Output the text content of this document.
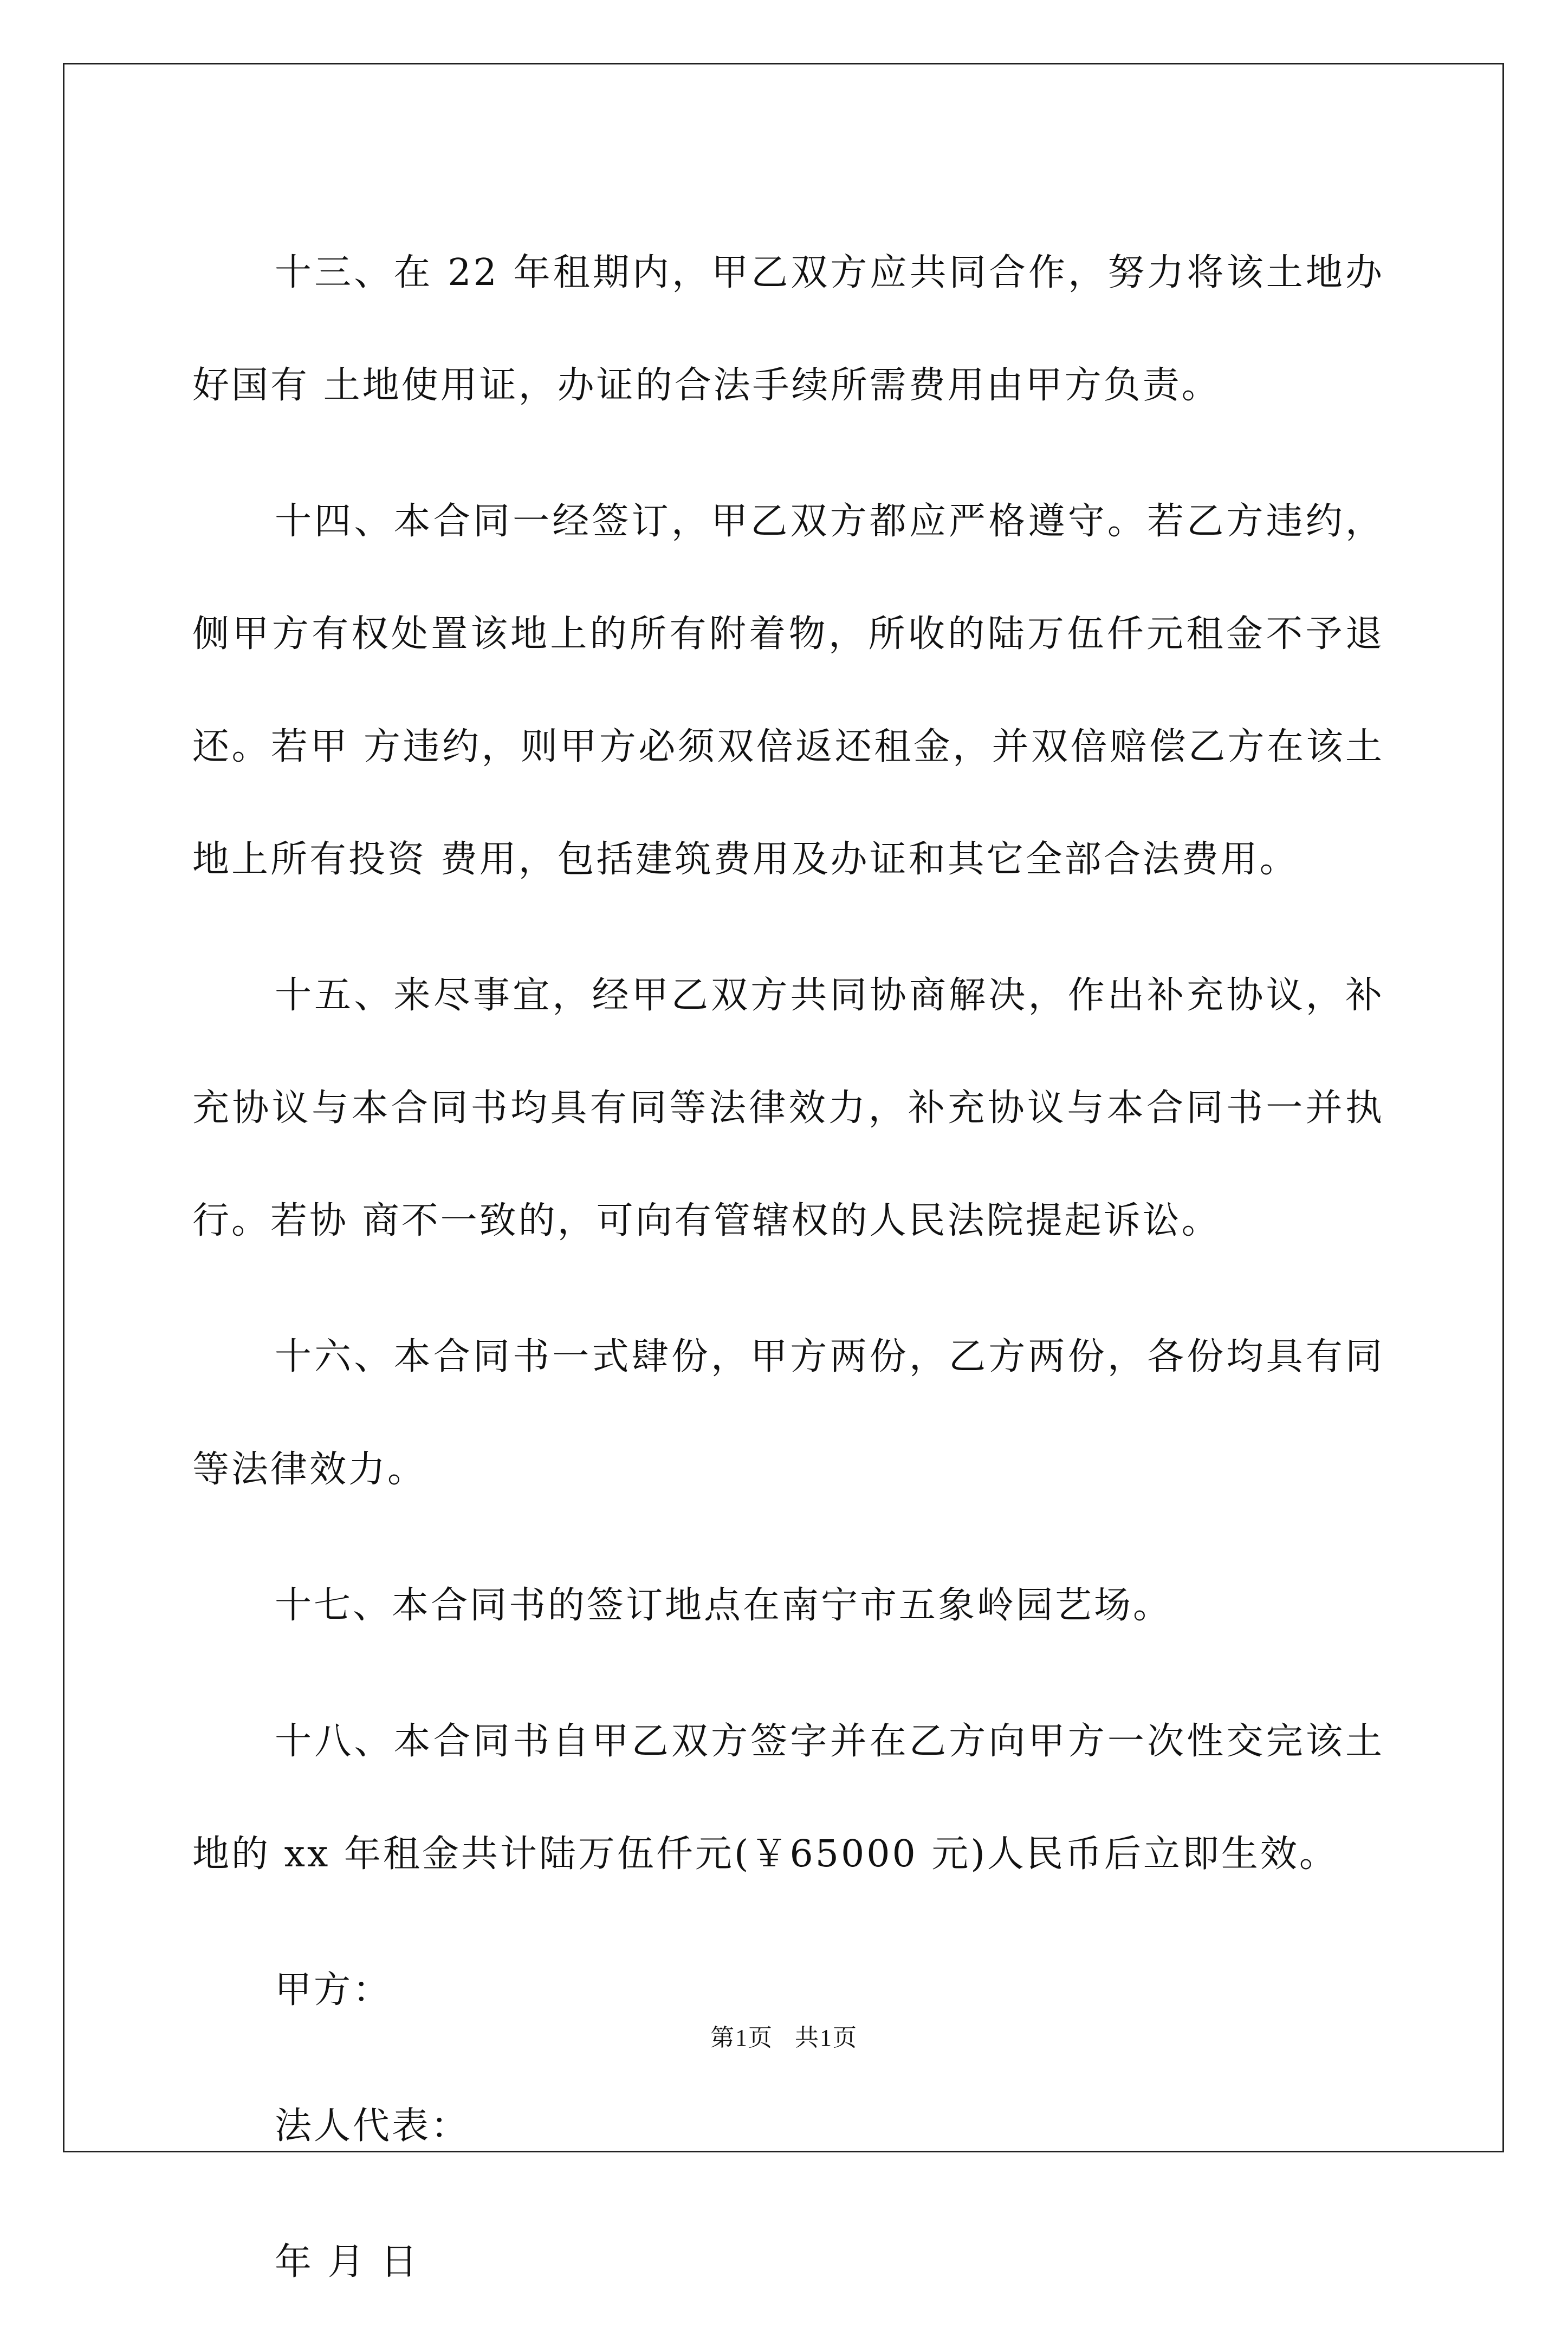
十三、在 22 年租期内，甲乙双方应共同合作，努力将该土地办好国有 土地使用证，办证的合法手续所需费用由甲方负责。

十四、本合同一经签订，甲乙双方都应严格遵守。若乙方违约，侧甲方有权处置该地上的所有附着物，所收的陆万伍仟元租金不予退还。若甲 方违约，则甲方必须双倍返还租金，并双倍赔偿乙方在该土地上所有投资 费用，包括建筑费用及办证和其它全部合法费用。

十五、来尽事宜，经甲乙双方共同协商解决，作出补充协议，补充协议与本合同书均具有同等法律效力，补充协议与本合同书一并执行。若协 商不一致的，可向有管辖权的人民法院提起诉讼。

十六、本合同书一式肆份，甲方两份，乙方两份，各份均具有同等法律效力。

十七、本合同书的签订地点在南宁市五象岭园艺场。

十八、本合同书自甲乙双方签字并在乙方向甲方一次性交完该土地的 xx 年租金共计陆万伍仟元(￥65000 元)人民币后立即生效。

甲方：

法人代表：

年 月 日

第1页 共1页
